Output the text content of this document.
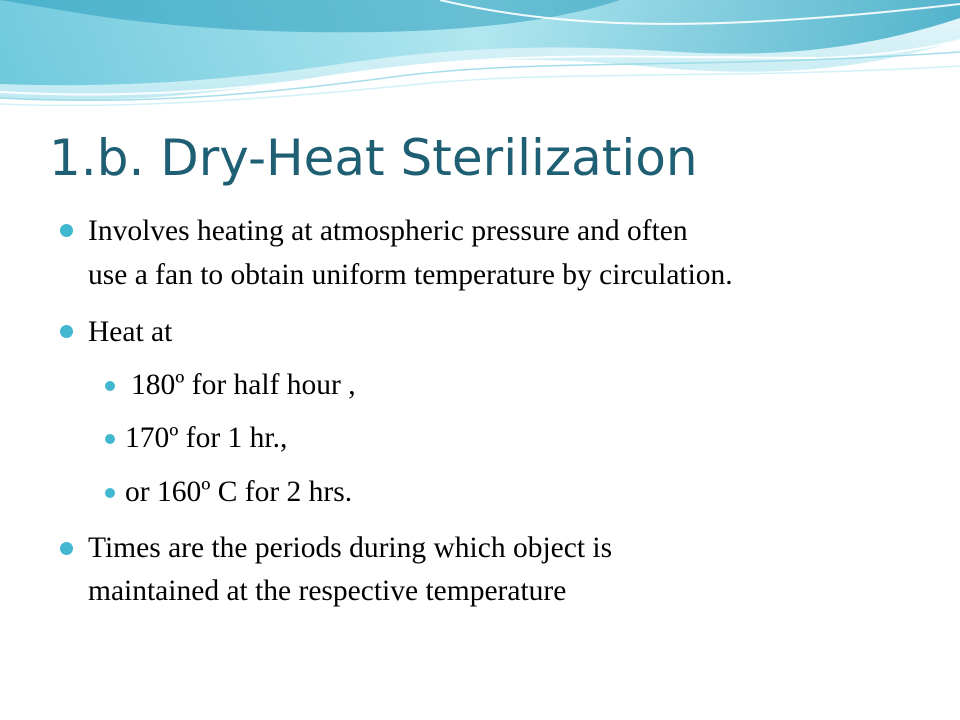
1.b. Dry-Heat Sterilization
Involves heating at atmospheric pressure and often
use a fan to obtain uniform temperature by circulation.
Heat at
180º for half hour ,
170º for 1 hr.,
or 160º C for 2 hrs.
Times are the periods during which object is
maintained at the respective temperature
